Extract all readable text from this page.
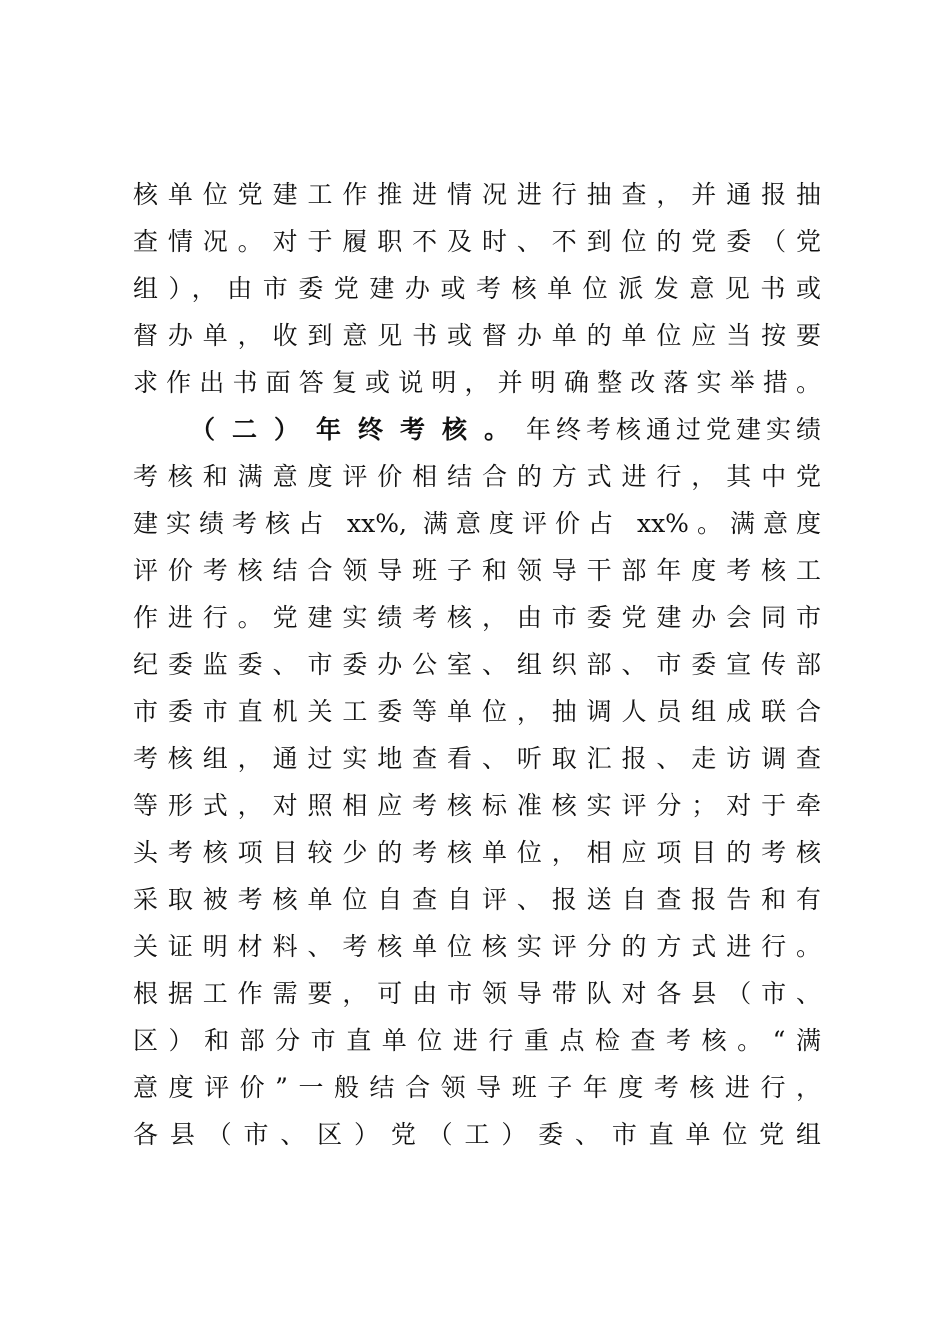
核单位党建工作推进情况进行抽查，并通报抽
查情况。对于履职不及时、不到位的党委（党
组），由市委党建办或考核单位派发意见书或
督办单，收到意见书或督办单的单位应当按要
求作出书面答复或说明，并明确整改落实举措。
（二）年终考核。年终考核通过党建实绩
考核和满意度评价相结合的方式进行，其中党
建实绩考核占 xx%, 满意度评价占 xx%。满意度
评价考核结合领导班子和领导干部年度考核工
作进行。党建实绩考核，由市委党建办会同市
纪委监委、市委办公室、组织部、市委宣传部
市委市直机关工委等单位，抽调人员组成联合
考核组，通过实地查看、听取汇报、走访调查
等形式，对照相应考核标准核实评分；对于牵
头考核项目较少的考核单位，相应项目的考核
采取被考核单位自查自评、报送自查报告和有
关证明材料、考核单位核实评分的方式进行。
根据工作需要，可由市领导带队对各县（市、
区）和部分市直单位进行重点检查考核。“满
意度评价”一般结合领导班子年度考核进行，
各县（市、区）党（工）委、市直单位党组
